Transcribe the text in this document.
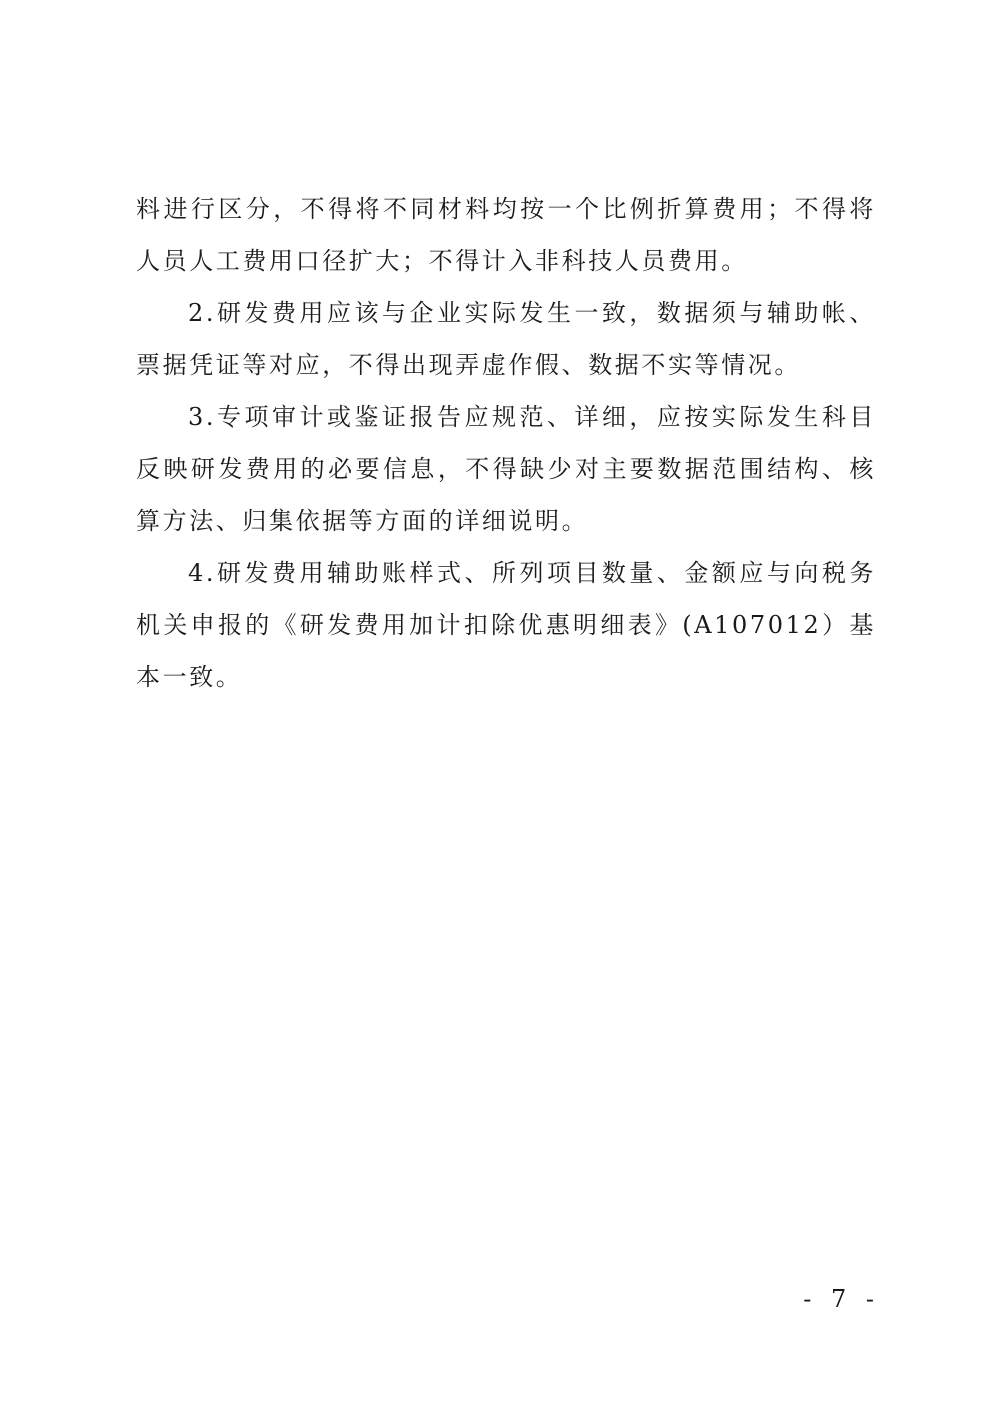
料进行区分，不得将不同材料均按一个比例折算费用；不得将人员人工费用口径扩大；不得计入非科技人员费用。

2.研发费用应该与企业实际发生一致，数据须与辅助帐、票据凭证等对应，不得出现弄虚作假、数据不实等情况。

3.专项审计或鉴证报告应规范、详细，应按实际发生科目反映研发费用的必要信息，不得缺少对主要数据范围结构、核算方法、归集依据等方面的详细说明。

4.研发费用辅助账样式、所列项目数量、金额应与向税务机关申报的《研发费用加计扣除优惠明细表》(A107012）基本一致。

- 7 -
